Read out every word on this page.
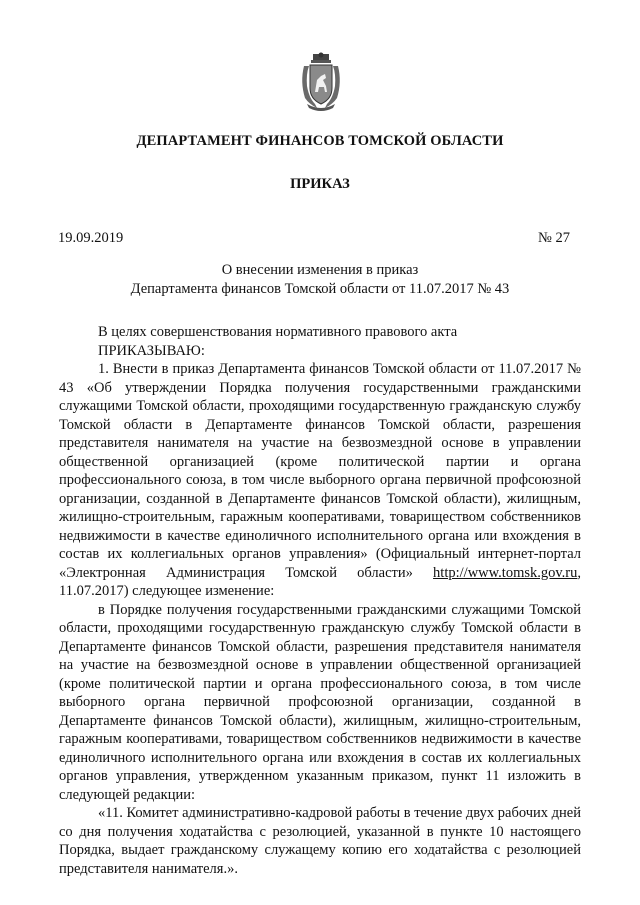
ДЕПАРТАМЕНТ ФИНАНСОВ ТОМСКОЙ ОБЛАСТИ
ПРИКАЗ
19.09.2019	№ 27
О внесении изменения в приказ
Департамента финансов Томской области от 11.07.2017 № 43

В целях совершенствования нормативного правового акта

ПРИКАЗЫВАЮ:

1. Внести в приказ Департамента финансов Томской области от 11.07.2017 № 43 «Об утверждении Порядка получения государственными гражданскими служащими Томской области, проходящими государственную гражданскую службу Томской области в Департаменте финансов Томской области, разрешения представителя нанимателя на участие на безвозмездной основе в управлении общественной организацией (кроме политической партии и органа профессионального союза, в том числе выборного органа первичной профсоюзной организации, созданной в Департаменте финансов Томской области), жилищным, жилищно-строительным, гаражным кооперативами, товариществом собственников недвижимости в качестве единоличного исполнительного органа или вхождения в состав их коллегиальных органов управления» (Официальный интернет-портал «Электронная Администрация Томской области» http://www.tomsk.gov.ru, 11.07.2017) следующее изменение:

в Порядке получения государственными гражданскими служащими Томской области, проходящими государственную гражданскую службу Томской области в Департаменте финансов Томской области, разрешения представителя нанимателя на участие на безвозмездной основе в управлении общественной организацией (кроме политической партии и органа профессионального союза, в том числе выборного органа первичной профсоюзной организации, созданной в Департаменте финансов Томской области), жилищным, жилищно-строительным, гаражным кооперативами, товариществом собственников недвижимости в качестве единоличного исполнительного органа или вхождения в состав их коллегиальных органов управления, утвержденном указанным приказом, пункт 11 изложить в следующей редакции:

«11. Комитет административно-кадровой работы в течение двух рабочих дней со дня получения ходатайства с резолюцией, указанной в пункте 10 настоящего Порядка, выдает гражданскому служащему копию его ходатайства с резолюцией представителя нанимателя.».
